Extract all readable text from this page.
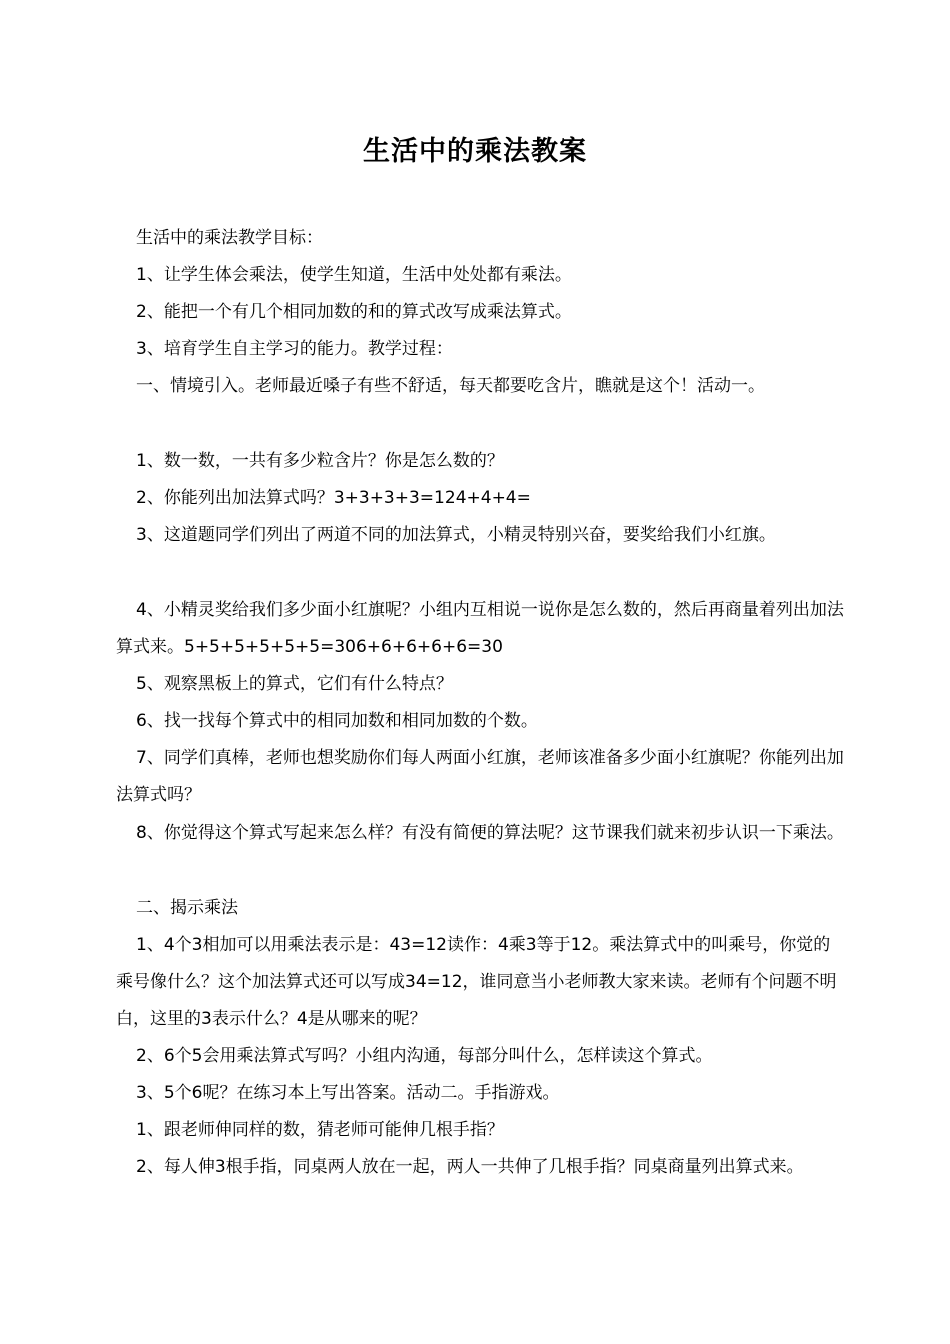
生活中的乘法教案

生活中的乘法教学目标：

1、让学生体会乘法，使学生知道，生活中处处都有乘法。

2、能把一个有几个相同加数的和的算式改写成乘法算式。

3、培育学生自主学习的能力。教学过程：

一、情境引入。老师最近嗓子有些不舒适，每天都要吃含片，瞧就是这个！活动一。

1、数一数，一共有多少粒含片？你是怎么数的？

2、你能列出加法算式吗？3+3+3+3=124+4+4=

3、这道题同学们列出了两道不同的加法算式，小精灵特别兴奋，要奖给我们小红旗。

4、小精灵奖给我们多少面小红旗呢？小组内互相说一说你是怎么数的，然后再商量着列出加法算式来。5+5+5+5+5+5=306+6+6+6+6=30

5、观察黑板上的算式，它们有什么特点？

6、找一找每个算式中的相同加数和相同加数的个数。

7、同学们真棒，老师也想奖励你们每人两面小红旗，老师该准备多少面小红旗呢？你能列出加法算式吗？

8、你觉得这个算式写起来怎么样？有没有简便的算法呢？这节课我们就来初步认识一下乘法。

二、揭示乘法

1、4个3相加可以用乘法表示是：43=12读作：4乘3等于12。乘法算式中的叫乘号，你觉的乘号像什么？这个加法算式还可以写成34=12，谁同意当小老师教大家来读。老师有个问题不明白，这里的3表示什么？4是从哪来的呢？

2、6个5会用乘法算式写吗？小组内沟通，每部分叫什么，怎样读这个算式。

3、5个6呢？在练习本上写出答案。活动二。手指游戏。

1、跟老师伸同样的数，猜老师可能伸几根手指？

2、每人伸3根手指，同桌两人放在一起，两人一共伸了几根手指？同桌商量列出算式来。
